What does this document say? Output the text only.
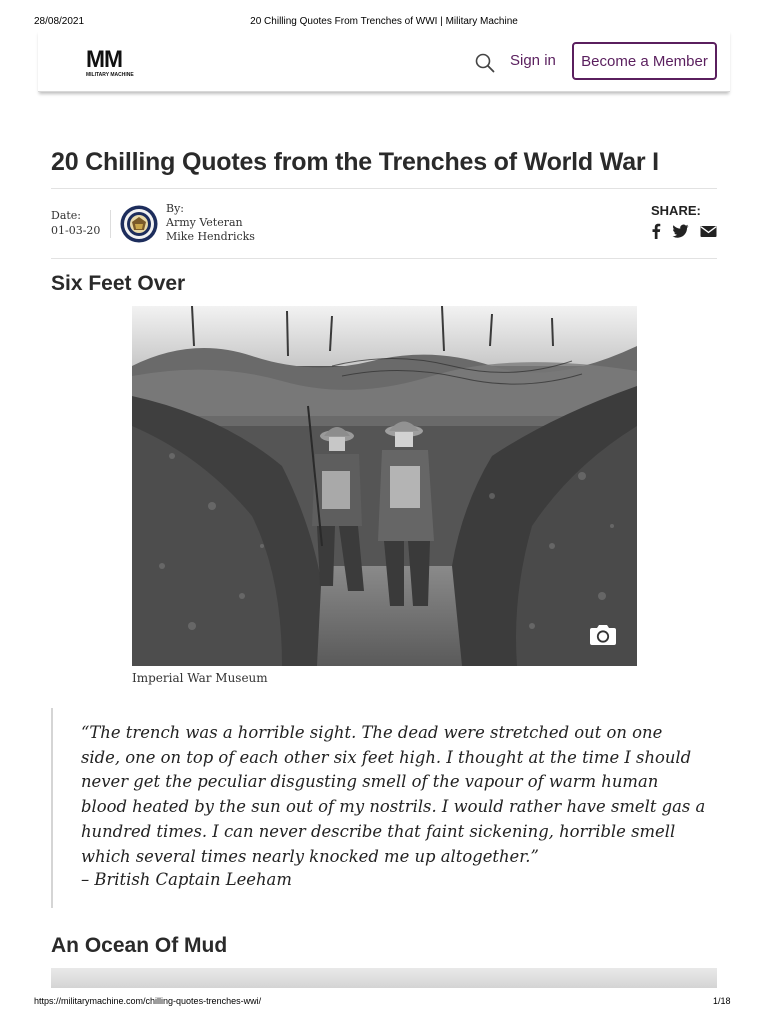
28/08/2021	20 Chilling Quotes From Trenches of WWI | Military Machine
MM
MILITARY MACHINE
Sign in	Become a Member
20 Chilling Quotes from the Trenches of World War I
Date:
01-03-20
By:
Army Veteran
Mike Hendricks
SHARE:
Six Feet Over
Imperial War Museum

“The trench was a horrible sight. The dead were stretched out on one side, one on top of each other six feet high. I thought at the time I should never get the peculiar disgusting smell of the vapour of warm human blood heated by the sun out of my nostrils. I would rather have smelt gas a hundred times. I can never describe that faint sickening, horrible smell which several times nearly knocked me up altogether.”

– British Captain Leeham

An Ocean Of Mud
https://militarymachine.com/chilling-quotes-trenches-wwi/	1/18
